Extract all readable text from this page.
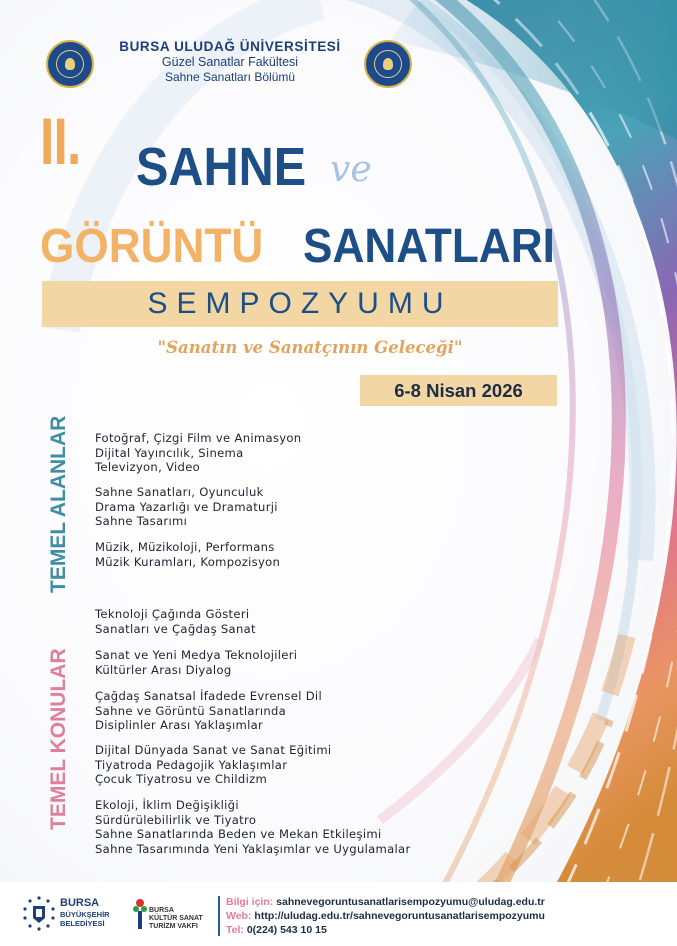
BURSA ULUDAĞ ÜNİVERSİTESİ
Güzel Sanatlar Fakültesi
Sahne Sanatları Bölümü
II. SAHNE ve
GÖRÜNTÜ SANATLARI
SEMPOZYUMU
"Sanatın ve Sanatçının Geleceği"
6-8 Nisan 2026
TEMEL ALANLAR
TEMEL KONULAR
Fotoğraf, Çizgi Film ve Animasyon
Dijital Yayıncılık, Sinema
Televizyon, Video
Sahne Sanatları, Oyunculuk
Drama Yazarlığı ve Dramaturji
Sahne Tasarımı
Müzik, Müzikoloji, Performans
Müzik Kuramları, Kompozisyon
Teknoloji Çağında Gösteri
Sanatları ve Çağdaş Sanat
Sanat ve Yeni Medya Teknolojileri
Kültürler Arası Diyalog
Çağdaş Sanatsal İfadede Evrensel Dil
Sahne ve Görüntü Sanatlarında
Disiplinler Arası Yaklaşımlar
Dijital Dünyada Sanat ve Sanat Eğitimi
Tiyatroda Pedagojik Yaklaşımlar
Çocuk Tiyatrosu ve Childizm
Ekoloji, İklim Değişikliği
Sürdürülebilirlik ve Tiyatro
Sahne Sanatlarında Beden ve Mekan Etkileşimi
Sahne Tasarımında Yeni Yaklaşımlar ve Uygulamalar
BURSA
BÜYÜKŞEHİR
BELEDİYESİ
BURSA
KÜLTÜR SANAT
TURİZM VAKFI
Bilgi için: sahnevegoruntusanatlarisempozyumu@uludag.edu.tr
Web: http://uludag.edu.tr/sahnevegoruntusanatlarisempozyumu
Tel: 0(224) 543 10 15
